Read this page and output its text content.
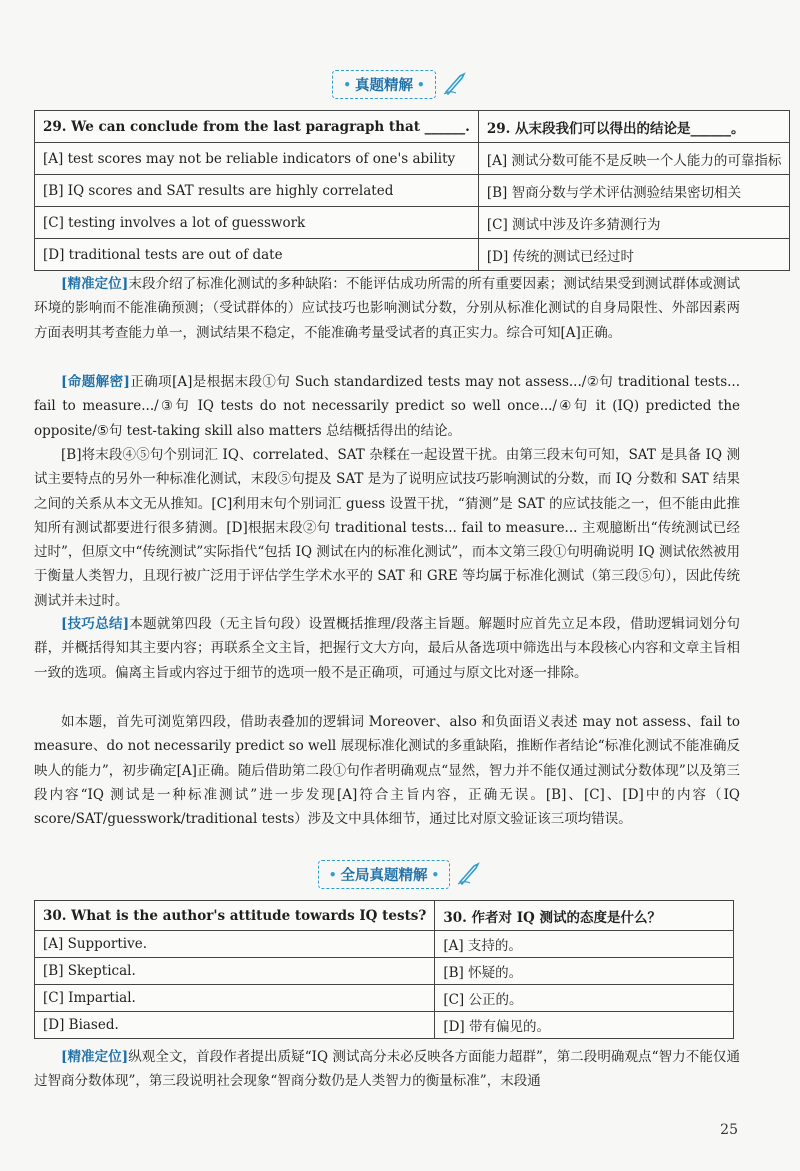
• 真题精解 •
29. We can conclude from the last paragraph that ______.	29. 从末段我们可以得出的结论是______。
[A] test scores may not be reliable indicators of one's ability	[A] 测试分数可能不是反映一个人能力的可靠指标
[B] IQ scores and SAT results are highly correlated	[B] 智商分数与学术评估测验结果密切相关
[C] testing involves a lot of guesswork	[C] 测试中涉及许多猜测行为
[D] traditional tests are out of date	[D] 传统的测试已经过时

[精准定位]末段介绍了标准化测试的多种缺陷：不能评估成功所需的所有重要因素；测试结果受到测试群体或测试环境的影响而不能准确预测；（受试群体的）应试技巧也影响测试分数，分别从标准化测试的自身局限性、外部因素两方面表明其考查能力单一，测试结果不稳定，不能准确考量受试者的真正实力。综合可知[A]正确。

[命题解密]正确项[A]是根据末段①句 Such standardized tests may not assess.../②句 traditional tests... fail to measure.../③句 IQ tests do not necessarily predict so well once.../④句 it (IQ) predicted the opposite/⑤句 test-taking skill also matters 总结概括得出的结论。

[B]将末段④⑤句个别词汇 IQ、correlated、SAT 杂糅在一起设置干扰。由第三段末句可知，SAT 是具备 IQ 测试主要特点的另外一种标准化测试，末段⑤句提及 SAT 是为了说明应试技巧影响测试的分数，而 IQ 分数和 SAT 结果之间的关系从本文无从推知。[C]利用末句个别词汇 guess 设置干扰，“猜测”是 SAT 的应试技能之一，但不能由此推知所有测试都要进行很多猜测。[D]根据末段②句 traditional tests... fail to measure... 主观臆断出“传统测试已经过时”，但原文中“传统测试”实际指代“包括 IQ 测试在内的标准化测试”，而本文第三段①句明确说明 IQ 测试依然被用于衡量人类智力，且现行被广泛用于评估学生学术水平的 SAT 和 GRE 等均属于标准化测试（第三段⑤句），因此传统测试并未过时。

[技巧总结]本题就第四段（无主旨句段）设置概括推理/段落主旨题。解题时应首先立足本段，借助逻辑词划分句群，并概括得知其主要内容；再联系全文主旨，把握行文大方向，最后从备选项中筛选出与本段核心内容和文章主旨相一致的选项。偏离主旨或内容过于细节的选项一般不是正确项，可通过与原文比对逐一排除。

如本题，首先可浏览第四段，借助表叠加的逻辑词 Moreover、also 和负面语义表述 may not assess、fail to measure、do not necessarily predict so well 展现标准化测试的多重缺陷，推断作者结论“标准化测试不能准确反映人的能力”，初步确定[A]正确。随后借助第二段①句作者明确观点“显然，智力并不能仅通过测试分数体现”以及第三段内容“IQ 测试是一种标准测试”进一步发现[A]符合主旨内容，正确无误。[B]、[C]、[D]中的内容（IQ score/SAT/guesswork/traditional tests）涉及文中具体细节，通过比对原文验证该三项均错误。

• 全局真题精解 •
30. What is the author's attitude towards IQ tests?	30. 作者对 IQ 测试的态度是什么？
[A] Supportive.	[A] 支持的。
[B] Skeptical.	[B] 怀疑的。
[C] Impartial.	[C] 公正的。
[D] Biased.	[D] 带有偏见的。

[精准定位]纵观全文，首段作者提出质疑“IQ 测试高分未必反映各方面能力超群”，第二段明确观点“智力不能仅通过智商分数体现”，第三段说明社会现象“智商分数仍是人类智力的衡量标准”，末段通

25
